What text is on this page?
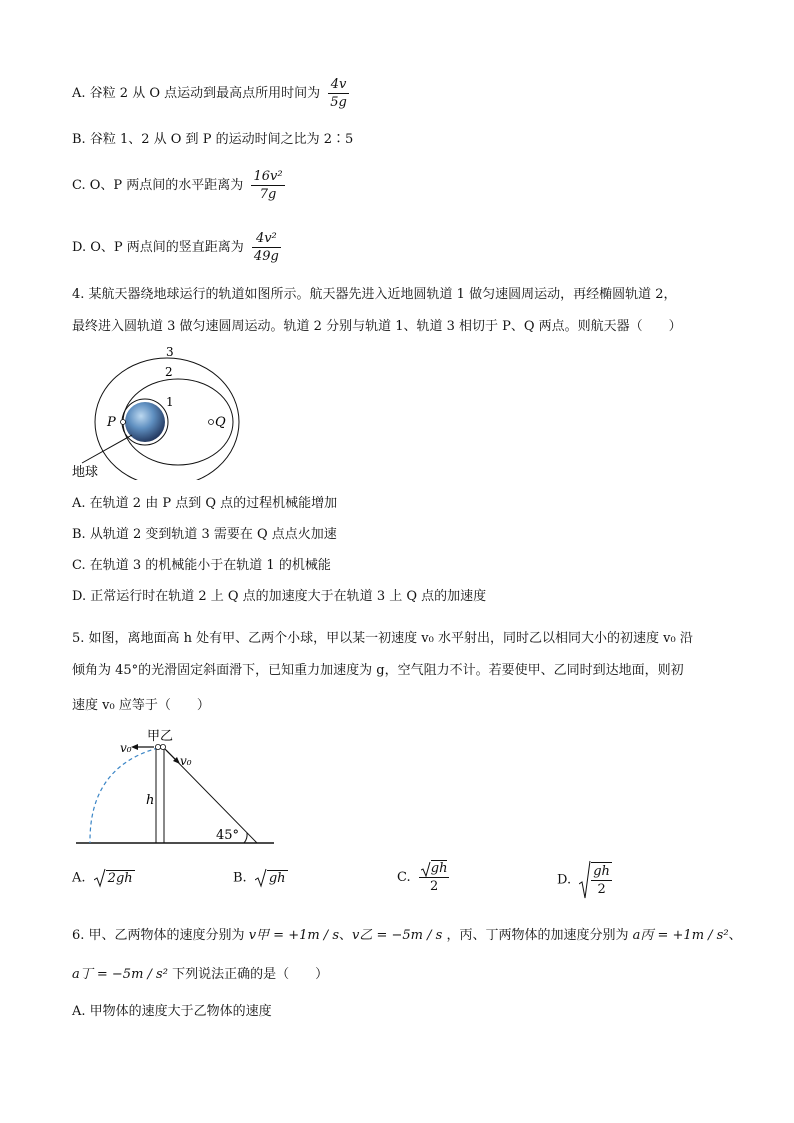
A. 谷粒 2 从 O 点运动到最高点所用时间为 $\frac{4v}{5g}$
B. 谷粒 1、2 从 O 到 P 的运动时间之比为 2∶5
C. O、P 两点间的水平距离为 $\frac{\text{16v²}}{7g}$
D. O、P 两点间的竖直距离为 $\frac{\text{4v²}}{49g}$
4. 某航天器绕地球运行的轨道如图所示。航天器先进入近地圆轨道 1 做匀速圆周运动，再经椭圆轨道 2，
最终进入圆轨道 3 做匀速圆周运动。轨道 2 分别与轨道 1、轨道 3 相切于 P、Q 两点。则航天器（　　）
3
2
1
P	Q
地球
A. 在轨道 2 由 P 点到 Q 点的过程机械能增加
B. 从轨道 2 变到轨道 3 需要在 Q 点点火加速
C. 在轨道 3 的机械能小于在轨道 1 的机械能
D. 正常运行时在轨道 2 上 Q 点的加速度大于在轨道 3 上 Q 点的加速度
5. 如图，离地面高 h 处有甲、乙两个小球，甲以某一初速度 v₀ 水平射出，同时乙以相同大小的初速度 v₀ 沿
倾角为 45°的光滑固定斜面滑下，已知重力加速度为 g，空气阻力不计。若要使甲、乙同时到达地面，则初
速度 v₀ 应等于（　　）
甲乙
v₀
v₀
h
45°
A. 2gh	B. gh	C. $\frac{gh}{2}$	D. $\frac{gh}{2}$
6. 甲、乙两物体的速度分别为 v甲 = +1m / s、v乙 = −5m / s ，丙、丁两物体的加速度分别为 a丙 = +1m / s²、
a丁 = −5m / s² 下列说法正确的是（　　）
A. 甲物体的速度大于乙物体的速度
